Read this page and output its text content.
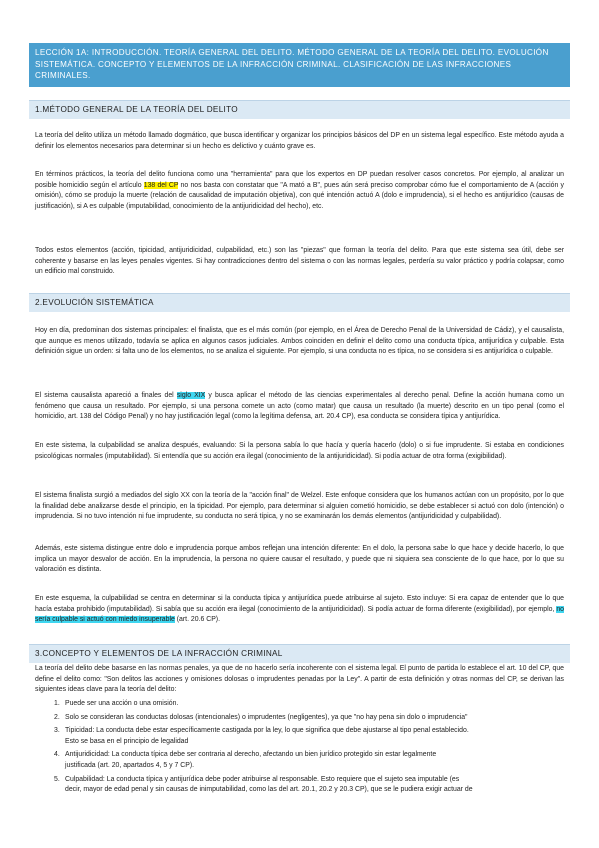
LECCIÓN 1A: INTRODUCCIÓN. TEORÍA GENERAL DEL DELITO. MÉTODO GENERAL DE LA TEORÍA DEL DELITO. EVOLUCIÓN SISTEMÁTICA. CONCEPTO Y ELEMENTOS DE LA INFRACCIÓN CRIMINAL. CLASIFICACIÓN DE LAS INFRACCIONES CRIMINALES.
1.MÉTODO GENERAL DE LA TEORÍA DEL DELITO
La teoría del delito utiliza un método llamado dogmático, que busca identificar y organizar los principios básicos del DP en un sistema legal específico. Este método ayuda a definir los elementos necesarios para determinar si un hecho es delictivo y cuánto grave es.
En términos prácticos, la teoría del delito funciona como una "herramienta" para que los expertos en DP puedan resolver casos concretos. Por ejemplo, al analizar un posible homicidio según el artículo 138 del CP no nos basta con constatar que "A mató a B", pues aún será preciso comprobar cómo fue el comportamiento de A (acción y omisión), cómo se produjo la muerte (relación de causalidad de imputación objetiva), con qué intención actuó A (dolo e imprudencia), si el hecho es antijurídico (causas de justificación), si A es culpable (imputabilidad, conocimiento de la antijuridicidad del hecho), etc.
Todos estos elementos (acción, tipicidad, antijuridicidad, culpabilidad, etc.) son las "piezas" que forman la teoría del delito. Para que este sistema sea útil, debe ser coherente y basarse en las leyes penales vigentes. Si hay contradicciones dentro del sistema o con las normas legales, perdería su valor práctico y podría colapsar, como un edificio mal construido.
2.EVOLUCIÓN SISTEMÁTICA
Hoy en día, predominan dos sistemas principales: el finalista, que es el más común (por ejemplo, en el Área de Derecho Penal de la Universidad de Cádiz), y el causalista, que aunque es menos utilizado, todavía se aplica en algunos casos judiciales. Ambos coinciden en definir el delito como una conducta típica, antijurídica y culpable. Esta definición sigue un orden: si falta uno de los elementos, no se analiza el siguiente. Por ejemplo, si una conducta no es típica, no se considera si es antijurídica o culpable.
El sistema causalista apareció a finales del siglo XIX y busca aplicar el método de las ciencias experimentales al derecho penal. Define la acción humana como un fenómeno que causa un resultado. Por ejemplo, si una persona comete un acto (como matar) que causa un resultado (la muerte) descrito en un tipo penal (como el homicidio, art. 138 del Código Penal) y no hay justificación legal (como la legítima defensa, art. 20.4 CP), esa conducta se considera típica y antijurídica.
En este sistema, la culpabilidad se analiza después, evaluando: Si la persona sabía lo que hacía y quería hacerlo (dolo) o si fue imprudente. Si estaba en condiciones psicológicas normales (imputabilidad). Si entendía que su acción era ilegal (conocimiento de la antijuridicidad). Si podía actuar de otra forma (exigibilidad).
El sistema finalista surgió a mediados del siglo XX con la teoría de la "acción final" de Welzel. Este enfoque considera que los humanos actúan con un propósito, por lo que la finalidad debe analizarse desde el principio, en la tipicidad. Por ejemplo, para determinar si alguien cometió homicidio, se debe establecer si actuó con dolo (intención) o imprudencia. Si no tuvo intención ni fue imprudente, su conducta no será típica, y no se examinarán los demás elementos (antijuridicidad y culpabilidad).
Además, este sistema distingue entre dolo e imprudencia porque ambos reflejan una intención diferente: En el dolo, la persona sabe lo que hace y decide hacerlo, lo que implica un mayor desvalor de acción. En la imprudencia, la persona no quiere causar el resultado, y puede que ni siquiera sea consciente de lo que hace, por lo que su valoración es distinta.
En este esquema, la culpabilidad se centra en determinar si la conducta típica y antijurídica puede atribuirse al sujeto. Esto incluye: Si era capaz de entender que lo que hacía estaba prohibido (imputabilidad). Si sabía que su acción era ilegal (conocimiento de la antijuridicidad). Si podía actuar de forma diferente (exigibilidad), por ejemplo, no sería culpable si actuó con miedo insuperable (art. 20.6 CP).
3.CONCEPTO Y ELEMENTOS DE LA INFRACCIÓN CRIMINAL
La teoría del delito debe basarse en las normas penales, ya que de no hacerlo sería incoherente con el sistema legal. El punto de partida lo establece el art. 10 del CP, que define el delito como: "Son delitos las acciones y omisiones dolosas o imprudentes penadas por la Ley". A partir de esta definición y otras normas del CP, se derivan las siguientes ideas clave para la teoría del delito:
1. Puede ser una acción o una omisión.
2. Solo se consideran las conductas dolosas (intencionales) o imprudentes (negligentes), ya que "no hay pena sin dolo o imprudencia"
3. Tipicidad: La conducta debe estar específicamente castigada por la ley, lo que significa que debe ajustarse al tipo penal establecido.
Esto se basa en el principio de legalidad
4. Antijuridicidad: La conducta típica debe ser contraria al derecho, afectando un bien jurídico protegido sin estar legalmente
justificada (art. 20, apartados 4, 5 y 7 CP).
5. Culpabilidad: La conducta típica y antijurídica debe poder atribuirse al responsable. Esto requiere que el sujeto sea imputable (es
decir, mayor de edad penal y sin causas de inimputabilidad, como las del art. 20.1, 20.2 y 20.3 CP), que se le pudiera exigir actuar de
